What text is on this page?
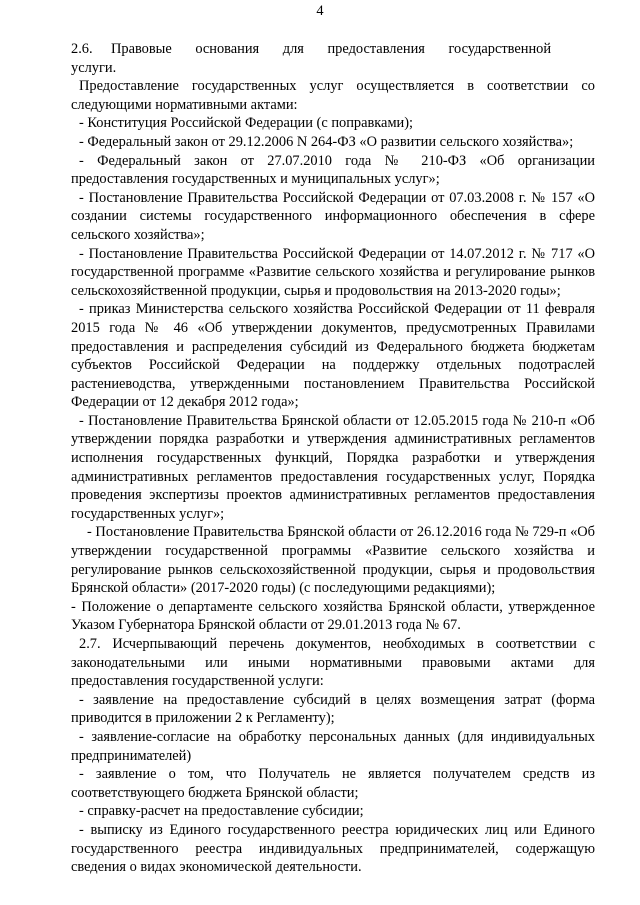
4

2.6. Правовые основания для предоставления государственной услуги.

Предоставление государственных услуг осуществляется в соответствии со следующими нормативными актами:

- Конституция Российской Федерации (с поправками);

- Федеральный закон от 29.12.2006 N 264-ФЗ «О развитии сельского хозяйства»;

- Федеральный закон от 27.07.2010 года № 210-ФЗ «Об организации предоставления государственных и муниципальных услуг»;

- Постановление Правительства Российской Федерации от 07.03.2008 г. № 157 «О создании системы государственного информационного обеспечения в сфере сельского хозяйства»;

- Постановление Правительства Российской Федерации от 14.07.2012 г. № 717 «О государственной программе «Развитие сельского хозяйства и регулирование рынков сельскохозяйственной продукции, сырья и продовольствия на 2013-2020 годы»;

- приказ Министерства сельского хозяйства Российской Федерации от 11 февраля 2015 года № 46 «Об утверждении документов, предусмотренных Правилами предоставления и распределения субсидий из Федерального бюджета бюджетам субъектов Российской Федерации на поддержку отдельных подотраслей растениеводства, утвержденными постановлением Правительства Российской Федерации от 12 декабря 2012 года»;

- Постановление Правительства Брянской области от 12.05.2015 года № 210-п «Об утверждении порядка разработки и утверждения административных регламентов исполнения государственных функций, Порядка разработки и утверждения административных регламентов предоставления государственных услуг, Порядка проведения экспертизы проектов административных регламентов предоставления государственных услуг»;

- Постановление Правительства Брянской области от 26.12.2016 года № 729-п «Об утверждении государственной программы «Развитие сельского хозяйства и регулирование рынков сельскохозяйственной продукции, сырья и продовольствия Брянской области» (2017-2020 годы) (с последующими редакциями);

- Положение о департаменте сельского хозяйства Брянской области, утвержденное Указом Губернатора Брянской области от 29.01.2013 года № 67.

2.7. Исчерпывающий перечень документов, необходимых в соответствии с законодательными или иными нормативными правовыми актами для предоставления государственной услуги:

- заявление на предоставление субсидий в целях возмещения затрат (форма приводится в приложении 2 к Регламенту);

- заявление-согласие на обработку персональных данных (для индивидуальных предпринимателей)

- заявление о том, что Получатель не является получателем средств из соответствующего бюджета Брянской области;

- справку-расчет на предоставление субсидии;

- выписку из Единого государственного реестра юридических лиц или Единого государственного реестра индивидуальных предпринимателей, содержащую сведения о видах экономической деятельности.
